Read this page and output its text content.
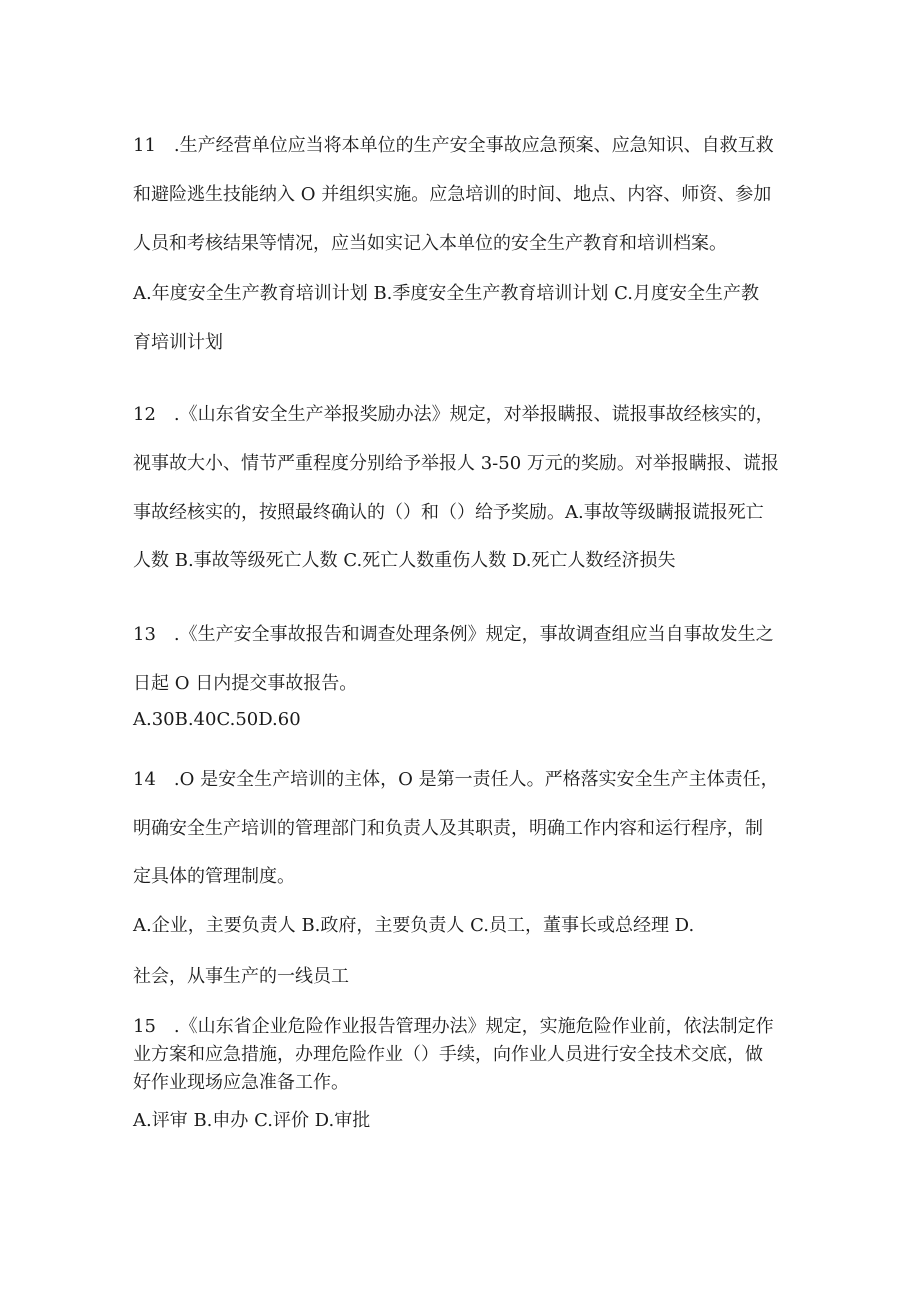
11　.生产经营单位应当将本单位的生产安全事故应急预案、应急知识、自救互救
和避险逃生技能纳入 O 并组织实施。应急培训的时间、地点、内容、师资、参加
人员和考核结果等情况，应当如实记入本单位的安全生产教育和培训档案。
A.年度安全生产教育培训计划 B.季度安全生产教育培训计划 C.月度安全生产教
育培训计划
12　.《山东省安全生产举报奖励办法》规定，对举报瞒报、谎报事故经核实的，
视事故大小、情节严重程度分别给予举报人 3-50 万元的奖励。对举报瞒报、谎报
事故经核实的，按照最终确认的（）和（）给予奖励。A.事故等级瞒报谎报死亡
人数 B.事故等级死亡人数 C.死亡人数重伤人数 D.死亡人数经济损失
13　.《生产安全事故报告和调查处理条例》规定，事故调查组应当自事故发生之
日起 O 日内提交事故报告。
A.30B.40C.50D.60
14　.O 是安全生产培训的主体，O 是第一责任人。严格落实安全生产主体责任，
明确安全生产培训的管理部门和负责人及其职责，明确工作内容和运行程序，制
定具体的管理制度。
A.企业，主要负责人 B.政府，主要负责人 C.员工，董事长或总经理 D.
社会，从事生产的一线员工
15　.《山东省企业危险作业报告管理办法》规定，实施危险作业前，依法制定作
业方案和应急措施，办理危险作业（）手续，向作业人员进行安全技术交底，做
好作业现场应急准备工作。
A.评审 B.申办 C.评价 D.审批
